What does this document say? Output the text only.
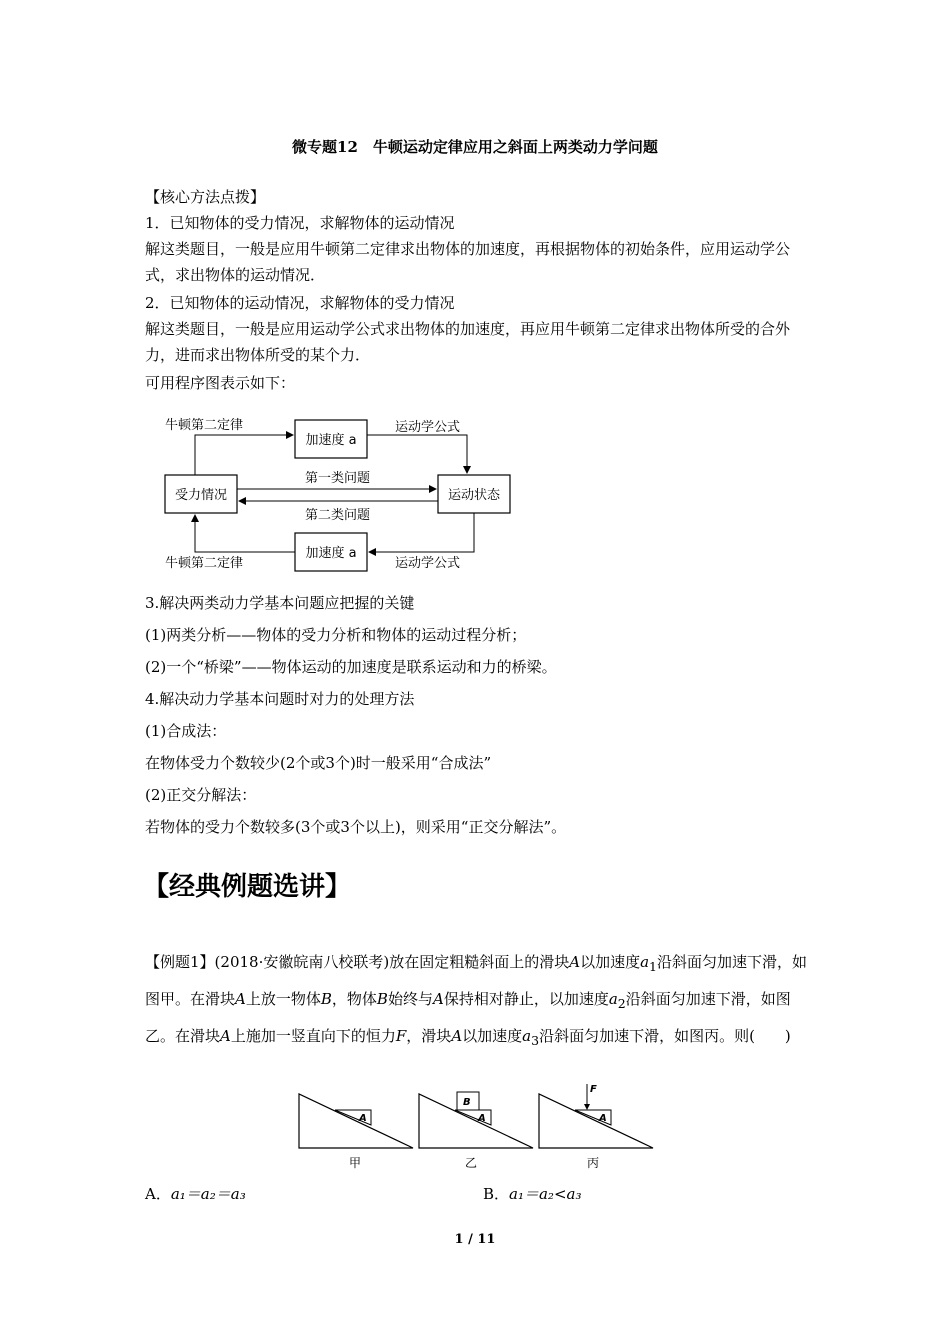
微专题12　牛顿运动定律应用之斜面上两类动力学问题
【核心方法点拨】
1．已知物体的受力情况，求解物体的运动情况
解这类题目，一般是应用牛顿第二定律求出物体的加速度，再根据物体的初始条件，应用运动学公式，求出物体的运动情况．
2．已知物体的运动情况，求解物体的受力情况
解这类题目，一般是应用运动学公式求出物体的加速度，再应用牛顿第二定律求出物体所受的合外力，进而求出物体所受的某个力．
可用程序图表示如下：
加速度 a
受力情况	运动状态
加速度 a
牛顿第二定律	运动学公式
第一类问题
第二类问题
运动学公式
牛顿第二定律
3.解决两类动力学基本问题应把握的关键
(1)两类分析——物体的受力分析和物体的运动过程分析；
(2)一个“桥梁”——物体运动的加速度是联系运动和力的桥梁。
4.解决动力学基本问题时对力的处理方法
(1)合成法：
在物体受力个数较少(2个或3个)时一般采用“合成法”
(2)正交分解法：
若物体的受力个数较多(3个或3个以上)，则采用“正交分解法”。
【经典例题选讲】
【例题1】(2018·安徽皖南八校联考)放在固定粗糙斜面上的滑块A以加速度$a_1$沿斜面匀加速下滑，如图甲。在滑块A上放一物体B，物体B始终与A保持相对静止，以加速度$a_2$沿斜面匀加速下滑，如图乙。在滑块A上施加一竖直向下的恒力F，滑块A以加速度$a_3$沿斜面匀加速下滑，如图丙。则(　　)
A
甲
B
A
乙
F
A
丙
A．a₁＝a₂＝a₃	B．a₁＝a₂<a₃
1 / 11
